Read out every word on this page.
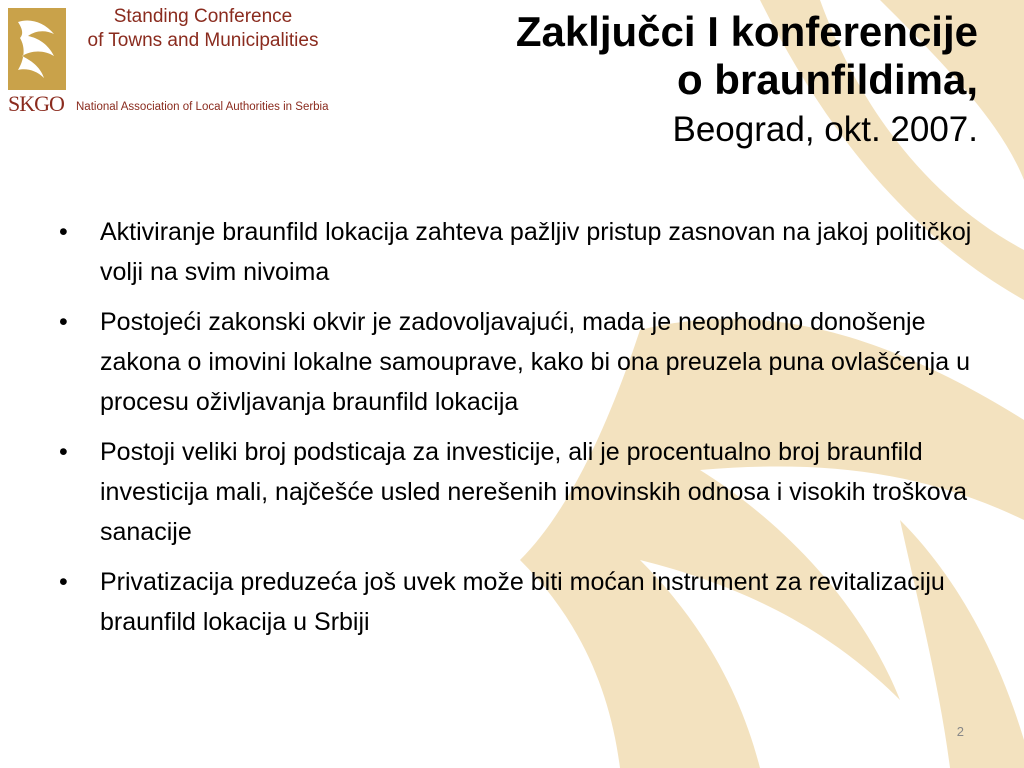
SKGO
Standing Conference
of Towns and Municipalities
National Association of Local Authorities in Serbia

Zaključci I konferencije

o braunfildima,

Beograd, okt. 2007.

• Aktiviranje braunfild lokacija zahteva pažljiv pristup zasnovan na jakoj političkoj volji na svim nivoima
• Postojeći zakonski okvir je zadovoljavajući, mada je neophodno donošenje zakona o imovini lokalne samouprave, kako bi ona preuzela puna ovlašćenja u procesu oživljavanja braunfild lokacija
• Postoji veliki broj podsticaja za investicije, ali je procentualno broj braunfild investicija mali, najčešće usled nerešenih imovinskih odnosa i visokih troškova sanacije
• Privatizacija preduzeća još uvek može biti moćan instrument za revitalizaciju braunfild lokacija u Srbiji
2
